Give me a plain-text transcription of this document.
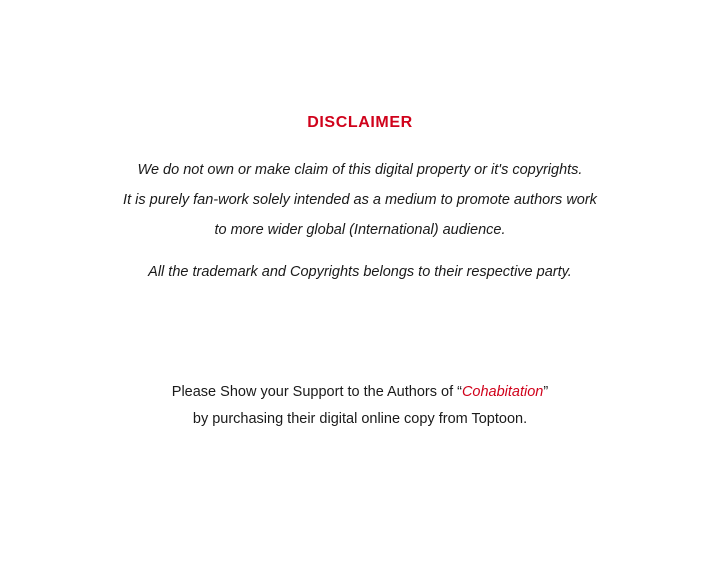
DISCLAIMER
We do not own or make claim of this digital property or it's copyrights.
It is purely fan-work solely intended as a medium to promote authors work
to more wider global (International) audience.
All the trademark and Copyrights belongs to their respective party.
Please Show your Support to the Authors of “Cohabitation”
by purchasing their digital online copy from Toptoon.
